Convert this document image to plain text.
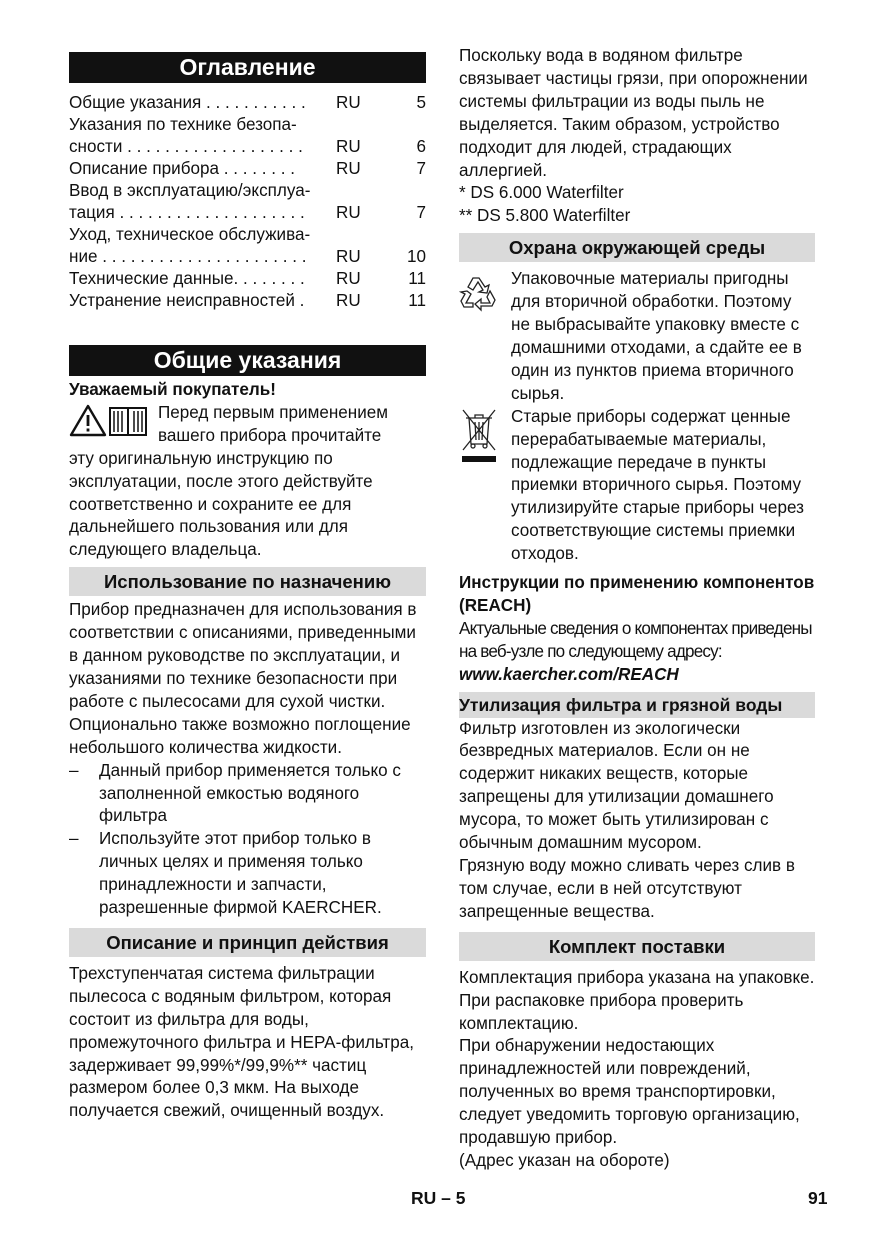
Оглавление
Общие указания . . . . . . . . . . .	RU	5
Указания по технике безопа-
сности . . . . . . . . . . . . . . . . . . .	RU	6
Описание прибора . . . . . . . .	RU	7
Ввод в эксплуатацию/эксплуа-
тация . . . . . . . . . . . . . . . . . . . .	RU	7
Уход, техническое обслужива-
ние . . . . . . . . . . . . . . . . . . . . . .	RU	10
Технические данные. . . . . . . .	RU	11
Устранение неисправностей .	RU	11
Общие указания

Уважаемый покупатель!

Перед первым применением

вашего прибора прочитайте

эту оригинальную инструкцию по эксплуатации, после этого действуйте соответственно и сохраните ее для дальнейшего пользования или для следующего владельца.

Использование по назначению

Прибор предназначен для использования в соответствии с описаниями, приведенными в данном руководстве по эксплуатации, и указаниями по технике безопасности при работе с пылесосами для сухой чистки.

Опционально также возможно поглощение небольшого количества жидкости.

–	Данный прибор применяется только с заполненной емкостью водяного фильтра
–	Используйте этот прибор только в личных целях и применяя только принадлежности и запчасти, разрешенные фирмой KAERCHER.
Описание и принцип действия

Трехступенчатая система фильтрации пылесоса с водяным фильтром, которая состоит из фильтра для воды, промежуточного фильтра и HEPA-фильтра, задерживает 99,99%*/99,9%** частиц размером более 0,3 мкм. На выходе получается свежий, очищенный воздух.

Поскольку вода в водяном фильтре связывает частицы грязи, при опорожнении системы фильтрации из воды пыль не выделяется. Таким образом, устройство подходит для людей, страдающих аллергией.

* DS 6.000 Waterfilter

** DS 5.800 Waterfilter

Охрана окружающей среды

Упаковочные материалы пригодны для вторичной обработки. Поэтому не выбрасывайте упаковку вместе с домашними отходами, а сдайте ее в один из пунктов приема вторичного сырья.

Старые приборы содержат ценные перерабатываемые материалы, подлежащие передаче в пункты приемки вторичного сырья. Поэтому утилизируйте старые приборы через соответствующие системы приемки отходов.

Инструкции по применению компонентов (REACH)

Актуальные сведения о компонентах приведены на веб-узле по следующему адресу:

www.kaercher.com/REACH

Утилизация фильтра и грязной воды

Фильтр изготовлен из экологически безвредных материалов. Если он не содержит никаких веществ, которые запрещены для утилизации домашнего мусора, то может быть утилизирован с обычным домашним мусором.

Грязную воду можно сливать через слив в том случае, если в ней отсутствуют запрещенные вещества.

Комплект поставки

Комплектация прибора указана на упаковке. При распаковке прибора проверить комплектацию.

При обнаружении недостающих принадлежностей или повреждений, полученных во время транспортировки, следует уведомить торговую организацию, продавшую прибор.

(Адрес указан на обороте)

RU – 5	91
